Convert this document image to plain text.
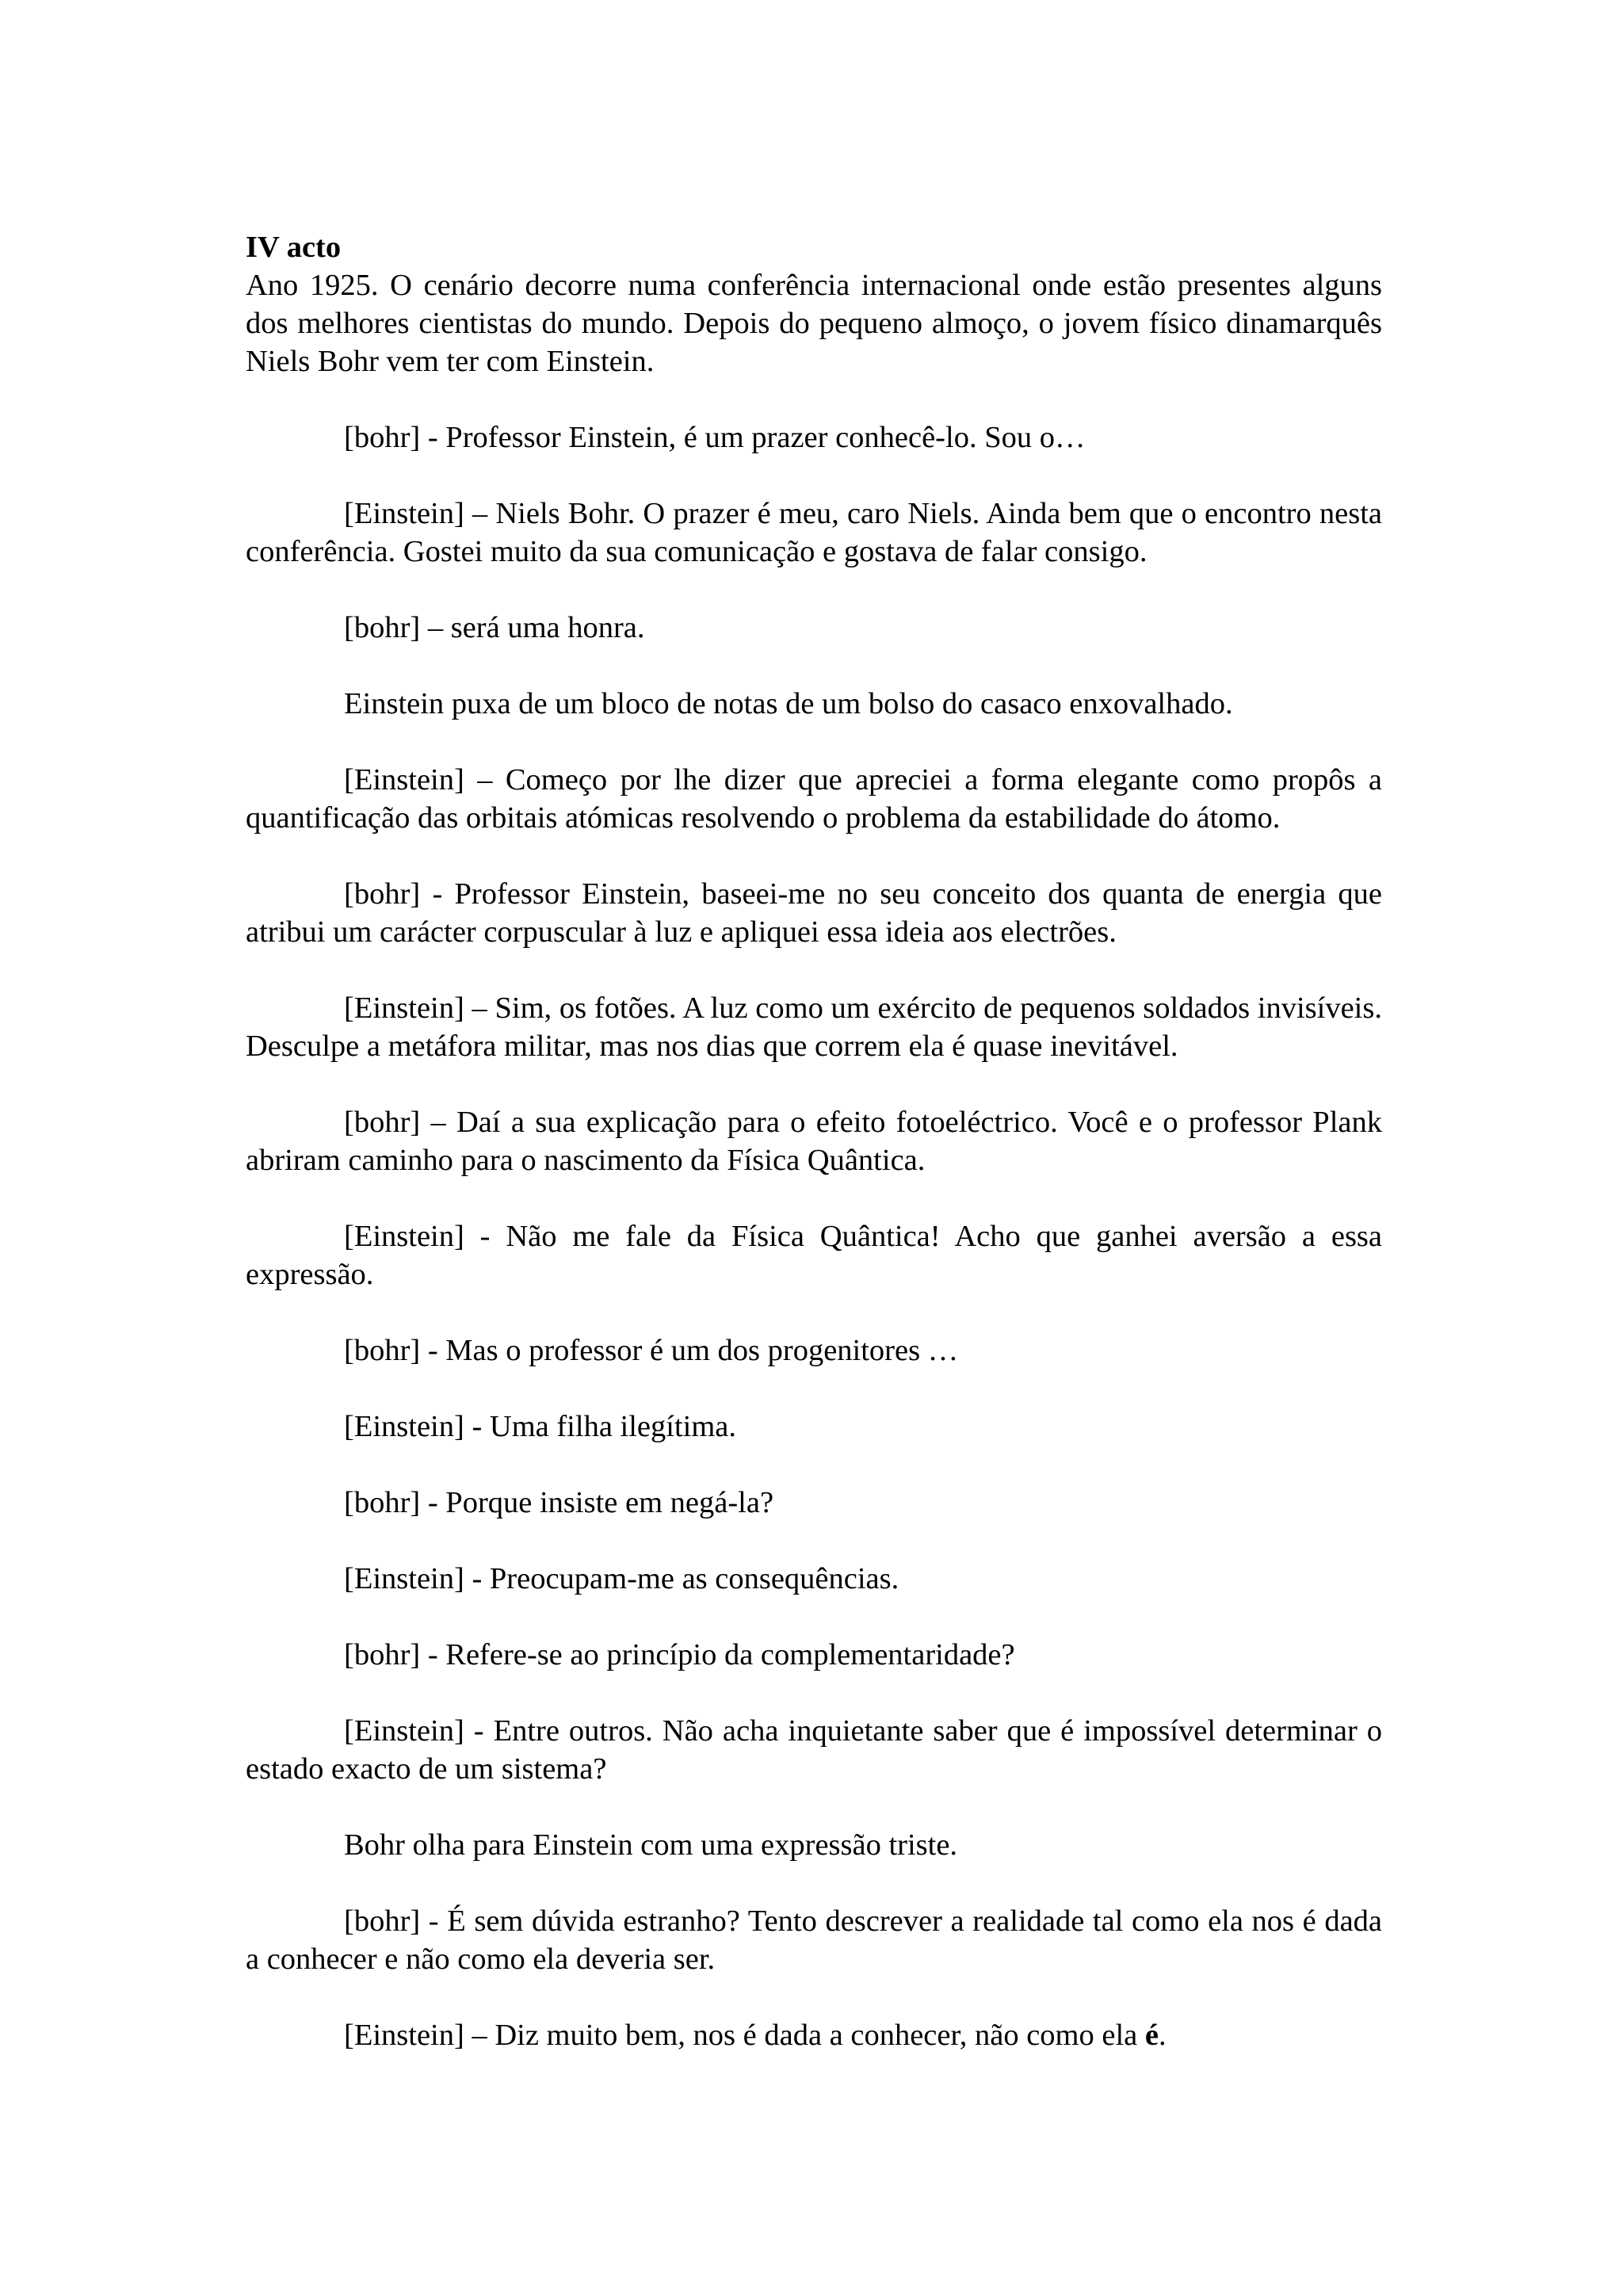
IV acto

Ano 1925. O cenário decorre numa conferência internacional onde estão presentes alguns dos melhores cientistas do mundo. Depois do pequeno almoço, o jovem físico dinamarquês Niels Bohr vem ter com Einstein.

[bohr] - Professor Einstein, é um prazer conhecê-lo. Sou o…

[Einstein] – Niels Bohr. O prazer é meu, caro Niels. Ainda bem que o encontro nesta conferência. Gostei muito da sua comunicação e gostava de falar consigo.

[bohr] – será uma honra.

Einstein puxa de um bloco de notas de um bolso do casaco enxovalhado.

[Einstein] – Começo por lhe dizer que apreciei a forma elegante como propôs a quantificação das orbitais atómicas resolvendo o problema da estabilidade do átomo.

[bohr] - Professor Einstein, baseei-me no seu conceito dos quanta de energia que atribui um carácter corpuscular à luz e apliquei essa ideia aos electrões.

[Einstein] – Sim, os fotões. A luz como um exército de pequenos soldados invisíveis. Desculpe a metáfora militar, mas nos dias que correm ela é quase inevitável.

[bohr] – Daí a sua explicação para o efeito fotoeléctrico. Você e o professor Plank abriram caminho para o nascimento da Física Quântica.

[Einstein] - Não me fale da Física Quântica! Acho que ganhei aversão a essa expressão.

[bohr] - Mas o professor é um dos progenitores …

[Einstein] - Uma filha ilegítima.

[bohr] - Porque insiste em negá-la?

[Einstein] - Preocupam-me as consequências.

[bohr] - Refere-se ao princípio da complementaridade?

[Einstein] - Entre outros. Não acha inquietante saber que é impossível determinar o estado exacto de um sistema?

Bohr olha para Einstein com uma expressão triste.

[bohr] - É sem dúvida estranho? Tento descrever a realidade tal como ela nos é dada a conhecer e não como ela deveria ser.

[Einstein] – Diz muito bem, nos é dada a conhecer, não como ela é.
